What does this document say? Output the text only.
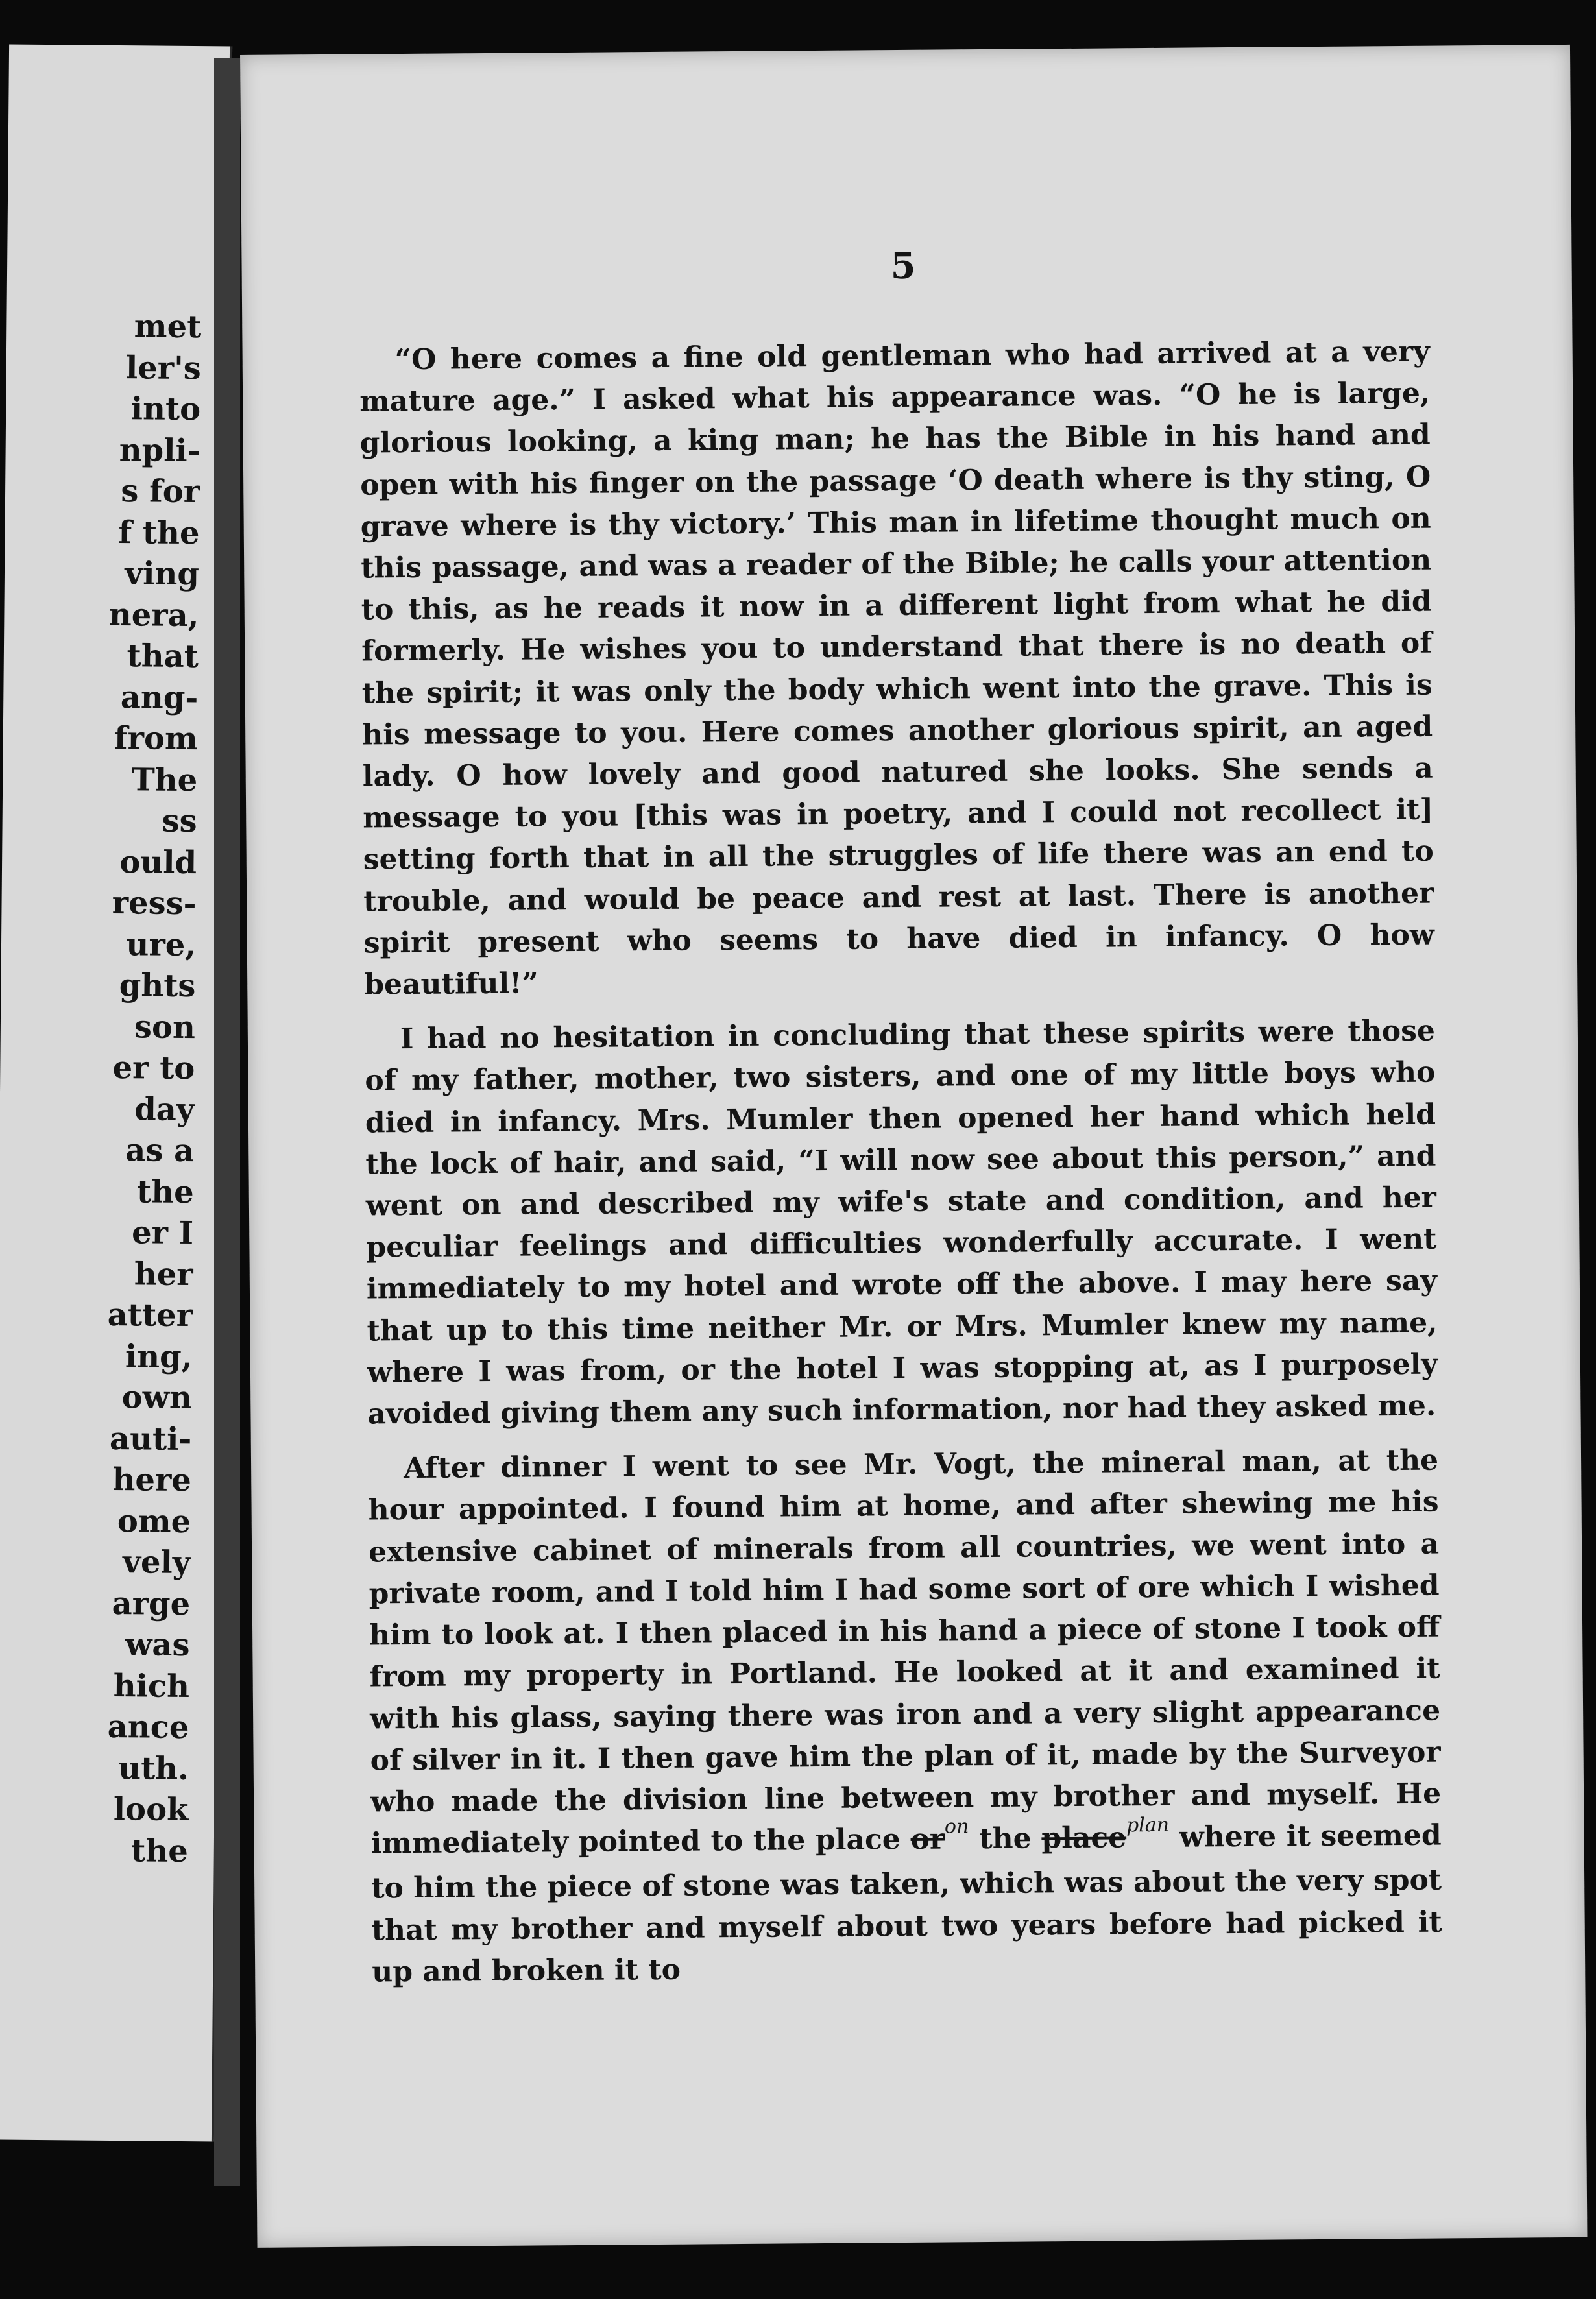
met
ler's
into
npli-
s for
f the
ving
nera,
that
ang-
from
The
ss
ould
ress-
ure,
ghts
son
er to
day
as a
the
er I
her
atter
ing,
own
auti-
here
ome
vely
arge
was
hich
ance
uth.
look
the
5

“O here comes a fine old gentleman who had arrived at a very mature age.” I asked what his appearance was. “O he is large, glorious looking, a king man; he has the Bible in his hand and open with his finger on the passage ‘O death where is thy sting, O grave where is thy victory.’ This man in lifetime thought much on this passage, and was a reader of the Bible; he calls your attention to this, as he reads it now in a different light from what he did formerly. He wishes you to understand that there is no death of the spirit; it was only the body which went into the grave. This is his message to you. Here comes another glorious spirit, an aged lady. O how lovely and good natured she looks. She sends a message to you [this was in poetry, and I could not recollect it] setting forth that in all the struggles of life there was an end to trouble, and would be peace and rest at last. There is another spirit present who seems to have died in infancy. O how beautiful!”

I had no hesitation in concluding that these spirits were those of my father, mother, two sisters, and one of my little boys who died in infancy. Mrs. Mumler then opened her hand which held the lock of hair, and said, “I will now see about this person,” and went on and described my wife's state and condition, and her peculiar feelings and difficulties wonderfully accurate. I went immediately to my hotel and wrote off the above. I may here say that up to this time neither Mr. or Mrs. Mumler knew my name, where I was from, or the hotel I was stopping at, as I purposely avoided giving them any such information, nor had they asked me.

After dinner I went to see Mr. Vogt, the mineral man, at the hour appointed. I found him at home, and after shewing me his extensive cabinet of minerals from all countries, we went into a private room, and I told him I had some sort of ore which I wished him to look at. I then placed in his hand a piece of stone I took off from my property in Portland. He looked at it and examined it with his glass, saying there was iron and a very slight appearance of silver in it. I then gave him the plan of it, made by the Surveyor who made the division line between my brother and myself. He immediately pointed to the place $or^{on}$ the place$^{plan}$ where it seemed to him the piece of stone was taken, which was about the very spot that my brother and myself about two years before had picked it up and broken it to
